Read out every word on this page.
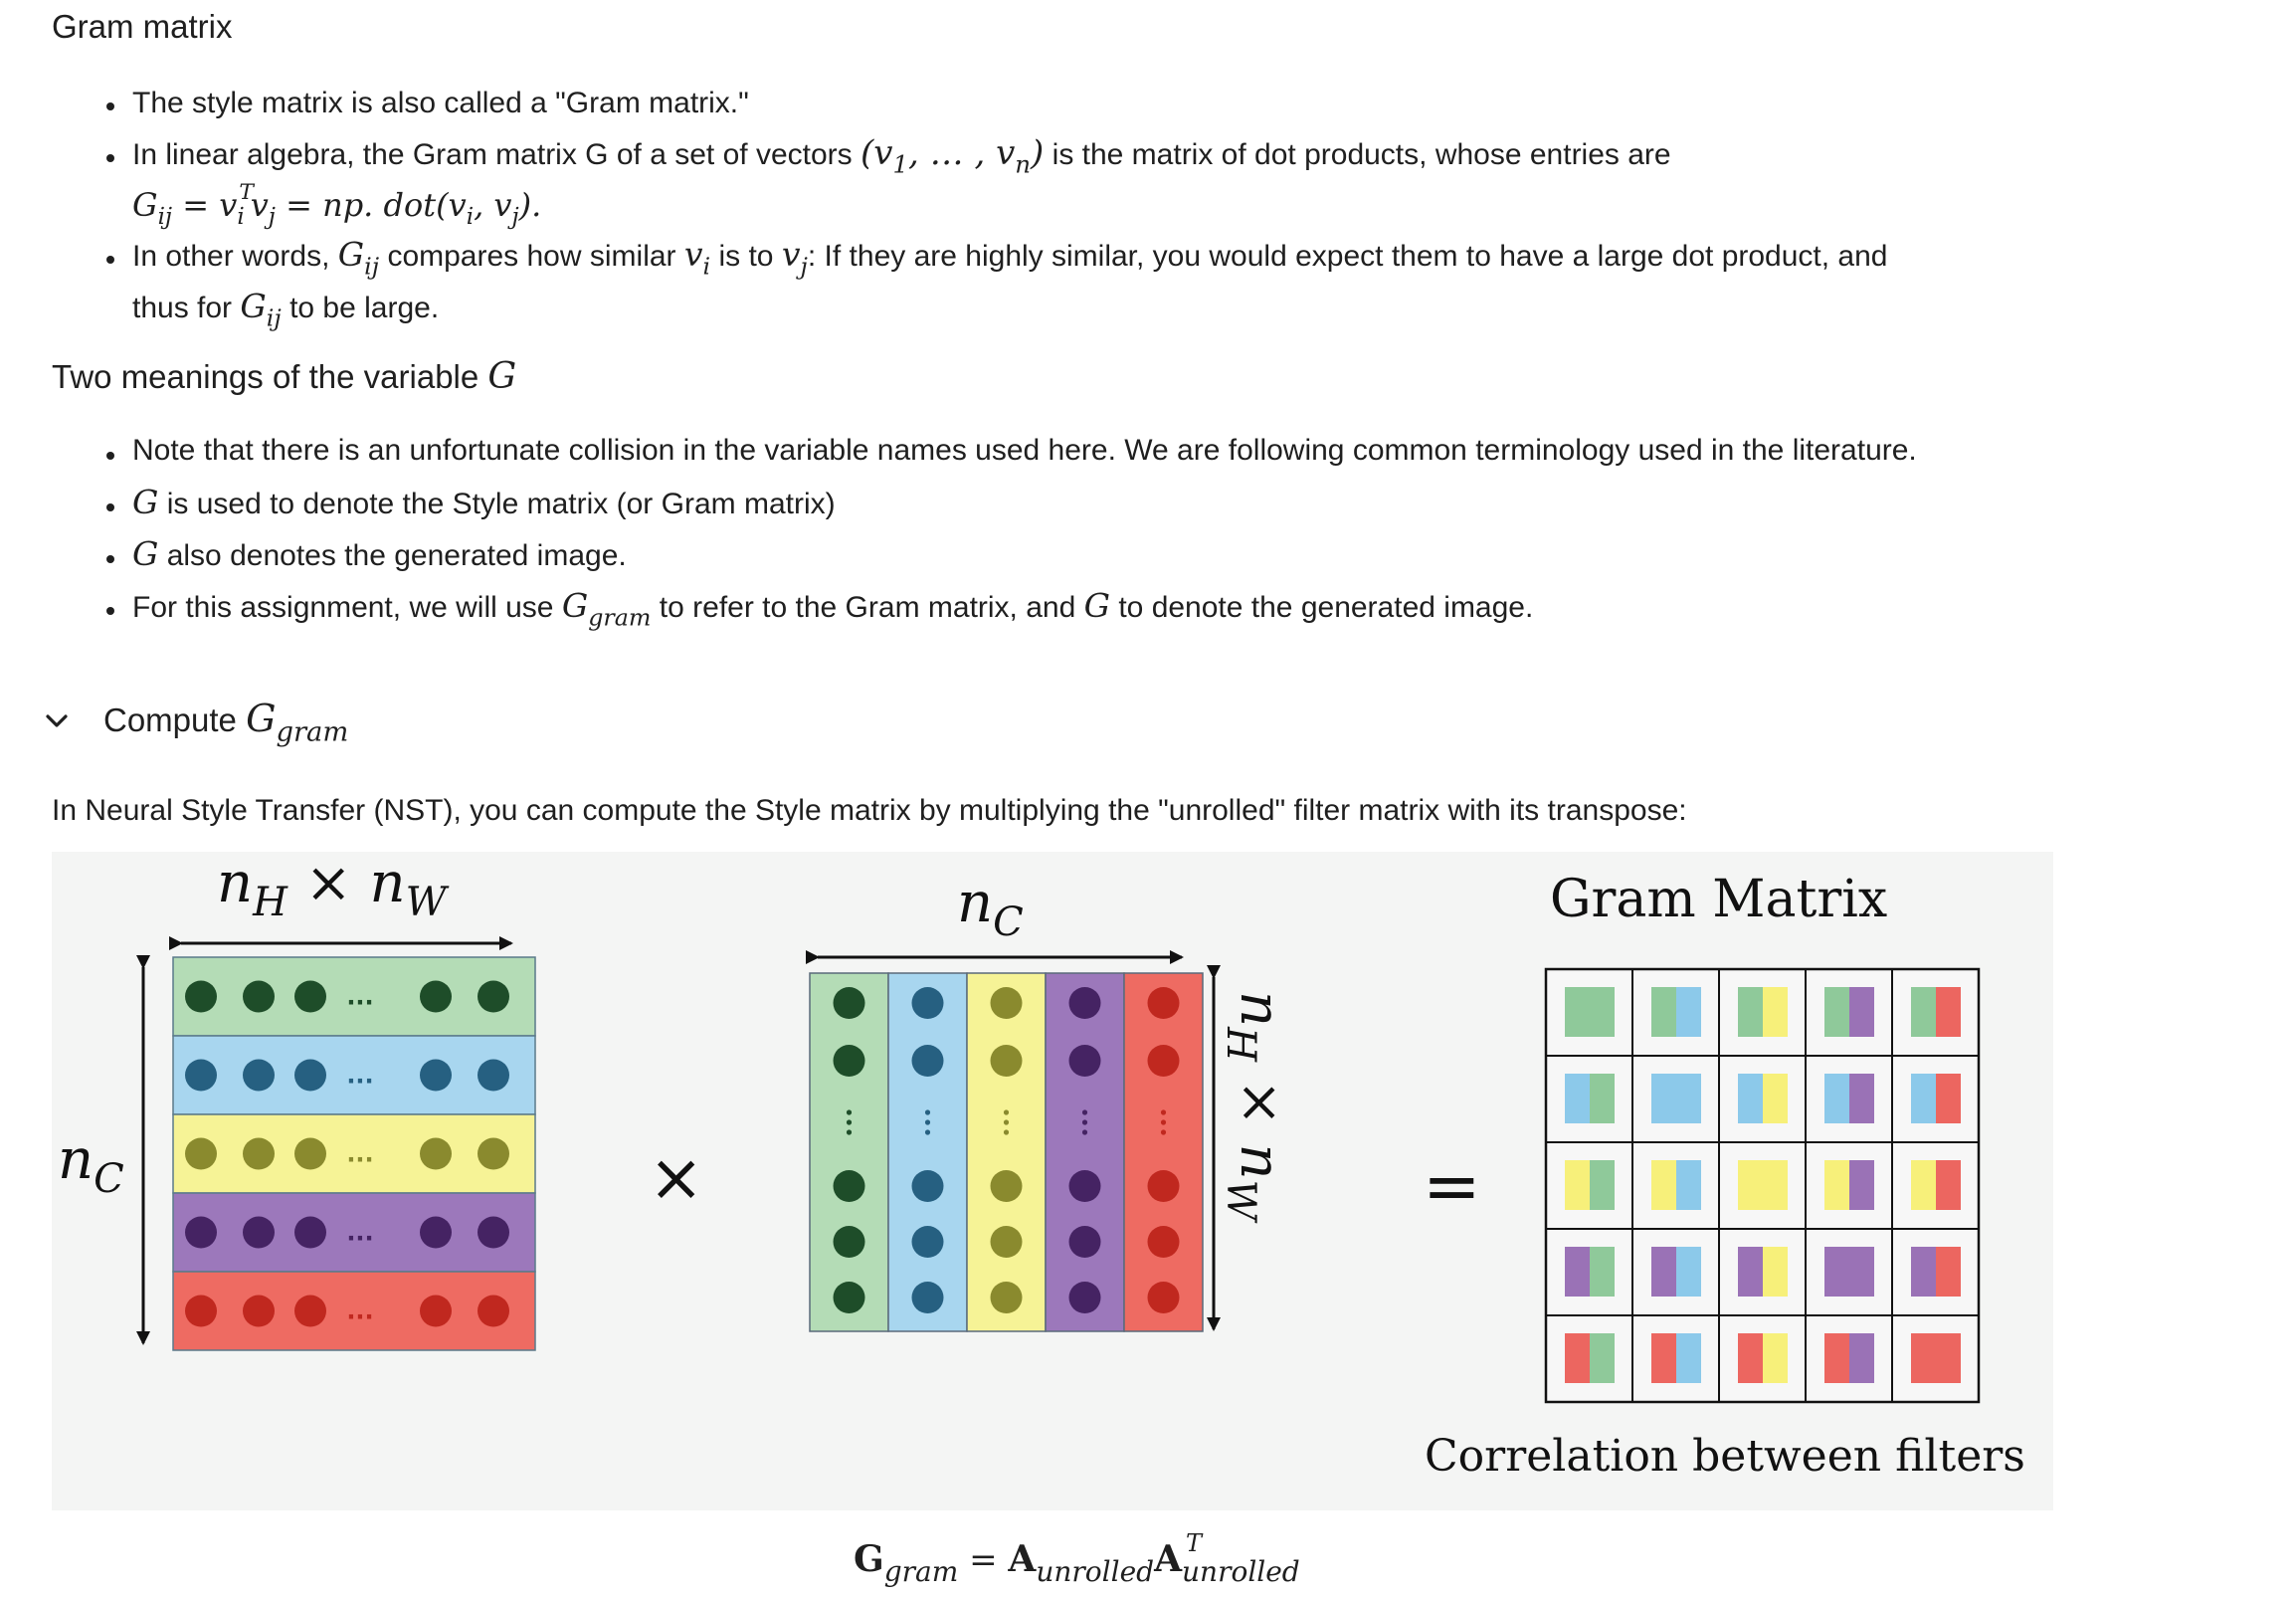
Gram matrix
The style matrix is also called a "Gram matrix."
In linear algebra, the Gram matrix G of a set of vectors ($v_1$, … , $v_n$) is the matrix of dot products, whose entries are
$G_{ij} = v$ T
$_i$ $v_j$ = np. $dot(v_i$, $v_j$).
In other words, $G_{ij}$ compares how similar $v_i$ is to $v_j$: If they are highly similar, you would expect them to have a large dot product, and
thus for $G_{ij}$ to be large.
Two meanings of the variable G
Note that there is an unfortunate collision in the variable names used here. We are following common terminology used in the literature.
G is used to denote the Style matrix (or Gram matrix)
G also denotes the generated image.
For this assignment, we will use $G_{gram}$ to refer to the Gram matrix, and G to denote the generated image.
Compute $G_{gram}$
In Neural Style Transfer (NST), you can compute the Style matrix by multiplying the "unrolled" filter matrix with its transpose:
$n_H \times n_W$
$n_C$
...
...
...
...
...
×
$n_C$
$n_H \times n_W$	=
Gram Matrix
Correlation between filters
$G_{gram} = A_{unrolled}A$ T
$_{unrolled}$
